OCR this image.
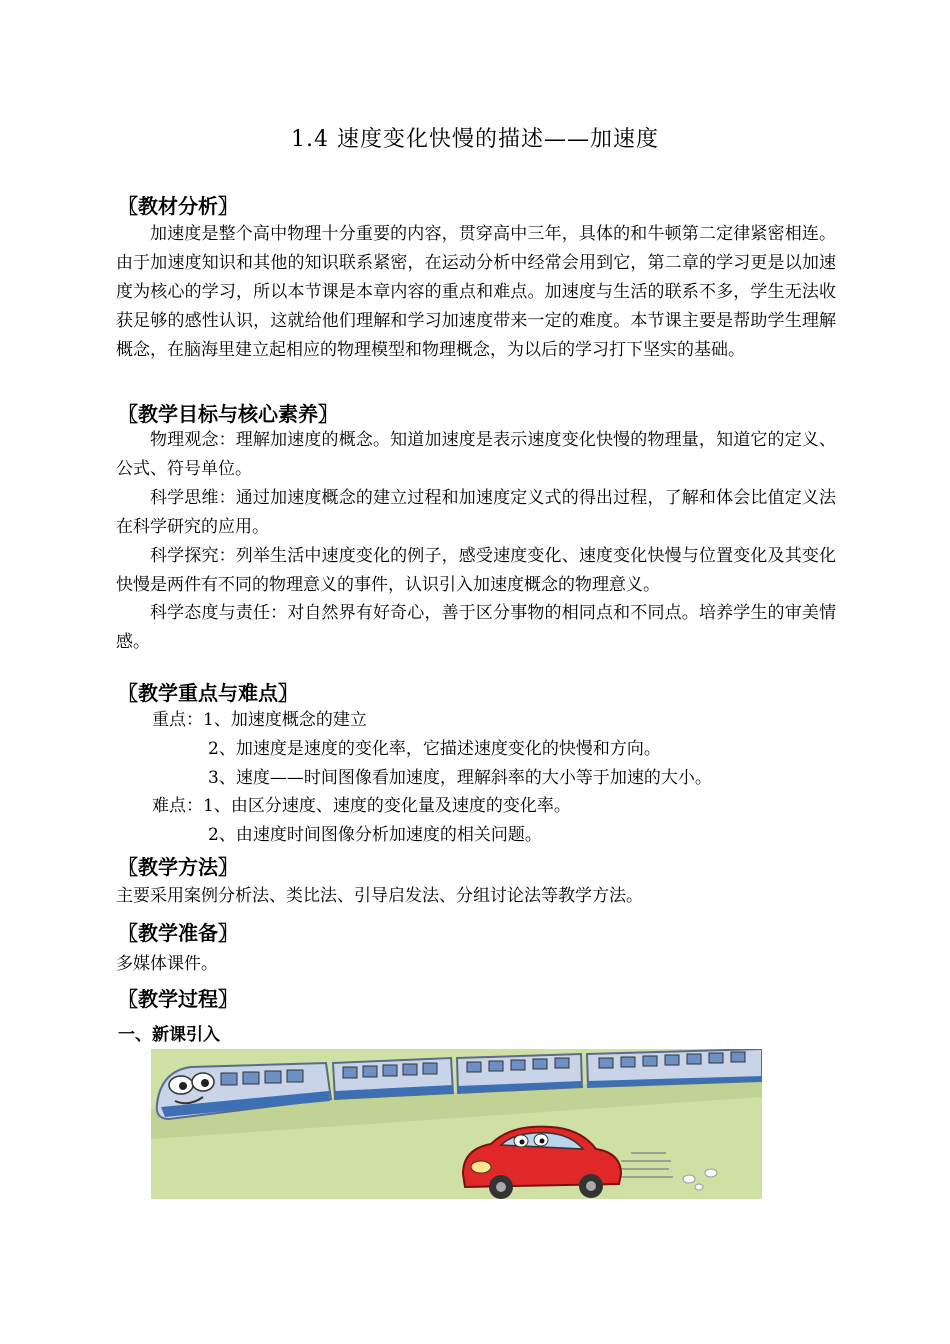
1.4 速度变化快慢的描述——加速度
〖教材分析〗
加速度是整个高中物理十分重要的内容，贯穿高中三年，具体的和牛顿第二定律紧密相连。由于加速度知识和其他的知识联系紧密，在运动分析中经常会用到它，第二章的学习更是以加速度为核心的学习，所以本节课是本章内容的重点和难点。加速度与生活的联系不多，学生无法收获足够的感性认识，这就给他们理解和学习加速度带来一定的难度。本节课主要是帮助学生理解概念，在脑海里建立起相应的物理模型和物理概念，为以后的学习打下坚实的基础。
〖教学目标与核心素养〗
物理观念：理解加速度的概念。知道加速度是表示速度变化快慢的物理量，知道它的定义、公式、符号单位。
科学思维：通过加速度概念的建立过程和加速度定义式的得出过程，了解和体会比值定义法在科学研究的应用。
科学探究：列举生活中速度变化的例子，感受速度变化、速度变化快慢与位置变化及其变化快慢是两件有不同的物理意义的事件，认识引入加速度概念的物理意义。
科学态度与责任：对自然界有好奇心，善于区分事物的相同点和不同点。培养学生的审美情感。
〖教学重点与难点〗
重点：1、加速度概念的建立
2、加速度是速度的变化率，它描述速度变化的快慢和方向。
3、速度——时间图像看加速度，理解斜率的大小等于加速的大小。
难点：1、由区分速度、速度的变化量及速度的变化率。
2、由速度时间图像分析加速度的相关问题。
〖教学方法〗
主要采用案例分析法、类比法、引导启发法、分组讨论法等教学方法。
〖教学准备〗
多媒体课件。
〖教学过程〗
一、新课引入
